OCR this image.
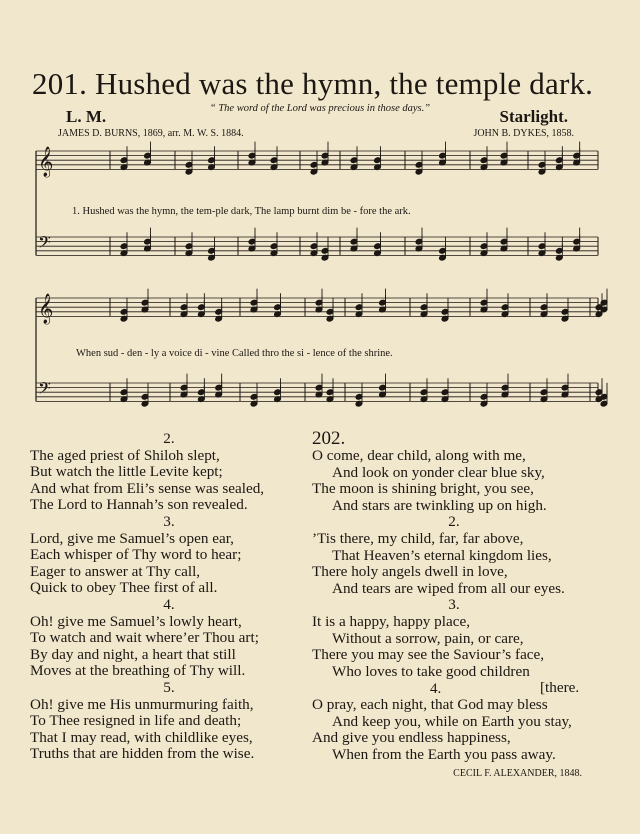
201. Hushed was the hymn, the temple dark.
L. M.	“ The word of the Lord was precious in those days.”	Starlight.
JAMES D. BURNS, 1869, arr. M. W. S. 1884.	JOHN B. DYKES, 1858.
𝄞
𝄢
𝄞
𝄢
1. Hushed was the hymn, the tem-ple dark, The lamp burnt dim be - fore the ark.
When sud - den - ly a voice di - vine Called thro the si - lence of the shrine.
2.
The aged priest of Shiloh slept,
But watch the little Levite kept;
And what from Eli’s sense was sealed,
The Lord to Hannah’s son revealed.
3.
Lord, give me Samuel’s open ear,
Each whisper of Thy word to hear;
Eager to answer at Thy call,
Quick to obey Thee first of all.
4.
Oh! give me Samuel’s lowly heart,
To watch and wait where’er Thou art;
By day and night, a heart that still
Moves at the breathing of Thy will.
5.
Oh! give me His unmurmuring faith,
To Thee resigned in life and death;
That I may read, with childlike eyes,
Truths that are hidden from the wise.
202.
O come, dear child, along with me,
And look on yonder clear blue sky,
The moon is shining bright, you see,
And stars are twinkling up on high.
2.
’Tis there, my child, far, far above,
That Heaven’s eternal kingdom lies,
There holy angels dwell in love,
And tears are wiped from all our eyes.
3.
It is a happy, happy place,
Without a sorrow, pain, or care,
There you may see the Saviour’s face,
Who loves to take good children
[there.
O pray, each night, that God may bless
And keep you, while on Earth you stay,
And give you endless happiness,
When from the Earth you pass away.
4.
CECIL F. ALEXANDER, 1848.
